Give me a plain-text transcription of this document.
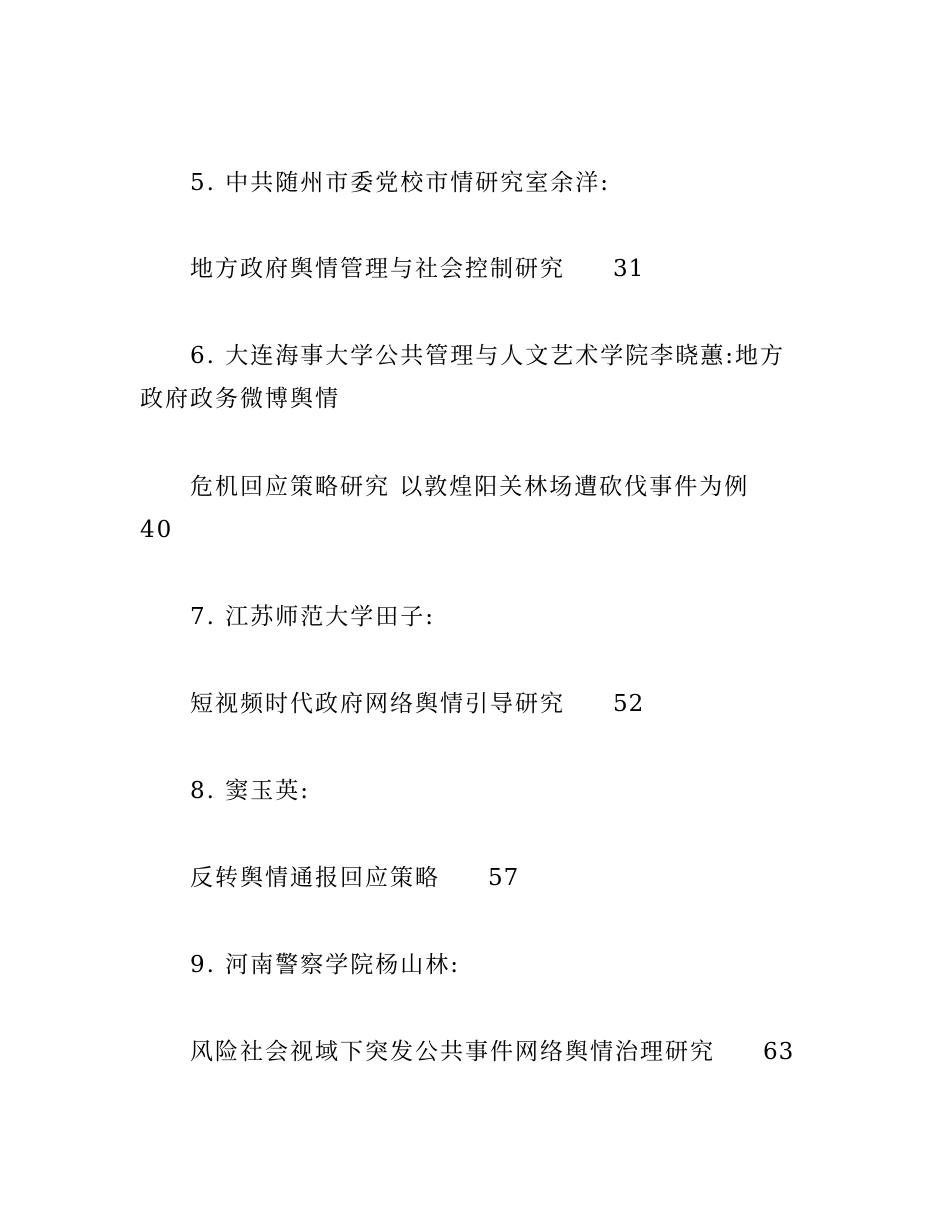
5. 中共随州市委党校市情研究室余洋:
地方政府舆情管理与社会控制研究 31
6. 大连海事大学公共管理与人文艺术学院李晓蕙:地方
政府政务微博舆情
危机回应策略研究 以敦煌阳关林场遭砍伐事件为例
40
7. 江苏师范大学田子:
短视频时代政府网络舆情引导研究 52
8. 窦玉英:
反转舆情通报回应策略 57
9. 河南警察学院杨山林:
风险社会视域下突发公共事件网络舆情治理研究 63
